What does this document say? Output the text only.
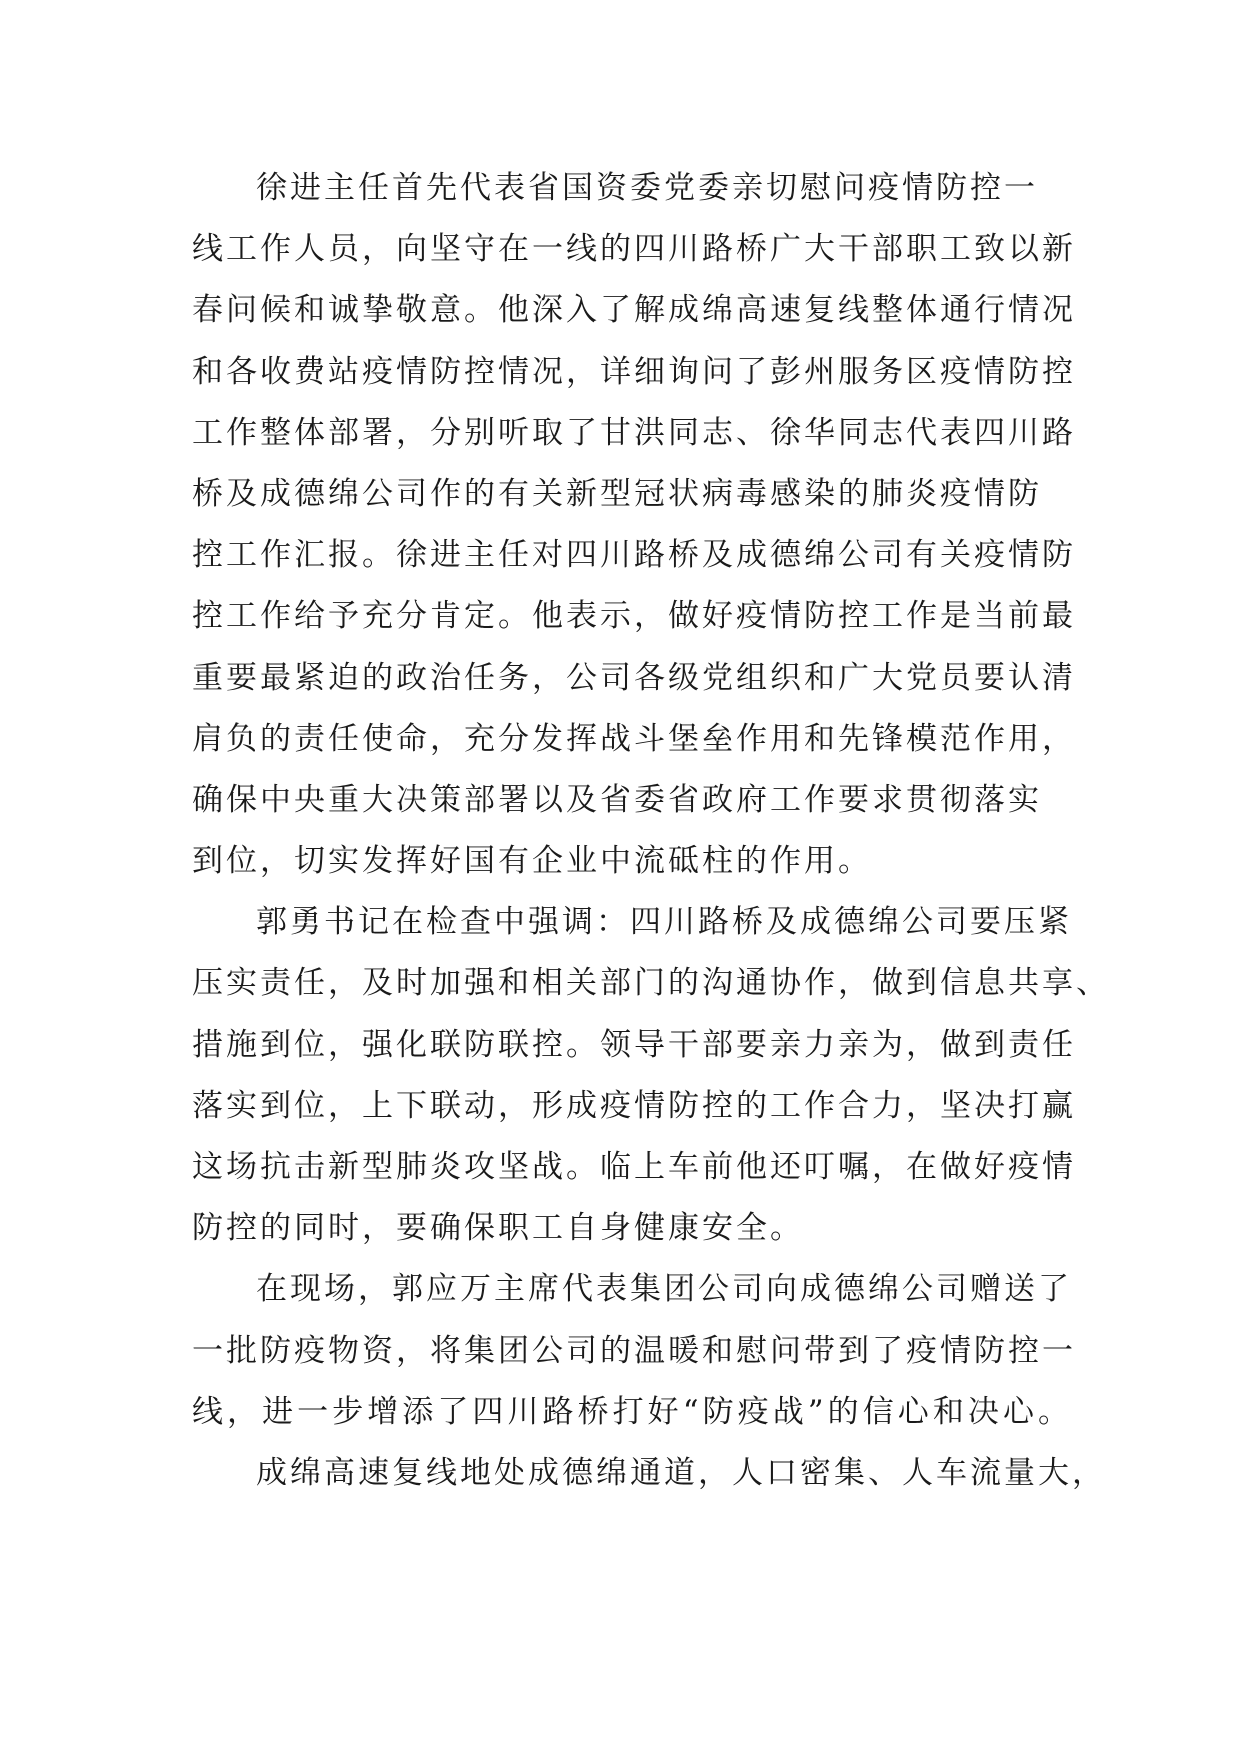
徐进主任首先代表省国资委党委亲切慰问疫情防控一
线工作人员，向坚守在一线的四川路桥广大干部职工致以新
春问候和诚挚敬意。他深入了解成绵高速复线整体通行情况
和各收费站疫情防控情况，详细询问了彭州服务区疫情防控
工作整体部署，分别听取了甘洪同志、徐华同志代表四川路
桥及成德绵公司作的有关新型冠状病毒感染的肺炎疫情防
控工作汇报。徐进主任对四川路桥及成德绵公司有关疫情防
控工作给予充分肯定。他表示，做好疫情防控工作是当前最
重要最紧迫的政治任务，公司各级党组织和广大党员要认清
肩负的责任使命，充分发挥战斗堡垒作用和先锋模范作用，
确保中央重大决策部署以及省委省政府工作要求贯彻落实
到位，切实发挥好国有企业中流砥柱的作用。
郭勇书记在检查中强调：四川路桥及成德绵公司要压紧
压实责任，及时加强和相关部门的沟通协作，做到信息共享、
措施到位，强化联防联控。领导干部要亲力亲为，做到责任
落实到位，上下联动，形成疫情防控的工作合力，坚决打赢
这场抗击新型肺炎攻坚战。临上车前他还叮嘱，在做好疫情
防控的同时，要确保职工自身健康安全。
在现场，郭应万主席代表集团公司向成德绵公司赠送了
一批防疫物资，将集团公司的温暖和慰问带到了疫情防控一
线，进一步增添了四川路桥打好“防疫战”的信心和决心。
成绵高速复线地处成德绵通道，人口密集、人车流量大，
